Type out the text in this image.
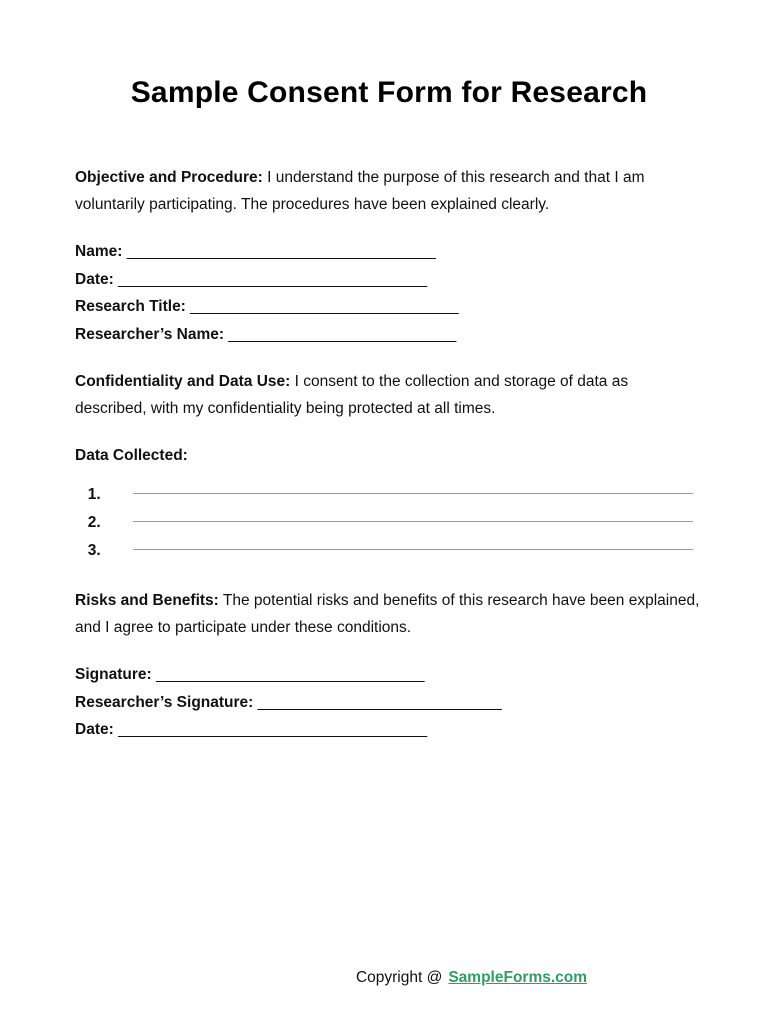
Sample Consent Form for Research

Objective and Procedure: I understand the purpose of this research and that I am voluntarily participating. The procedures have been explained clearly.

Name: ______________________________________
Date: ______________________________________
Research Title: _________________________________
Researcher’s Name: ____________________________

Confidentiality and Data Use: I consent to the collection and storage of data as described, with my confidentiality being protected at all times.

Data Collected:

1.
2.
3.

Risks and Benefits: The potential risks and benefits of this research have been explained, and I agree to participate under these conditions.

Signature: _________________________________
Researcher’s Signature: ______________________________
Date: ______________________________________
Copyright @ SampleForms.com
